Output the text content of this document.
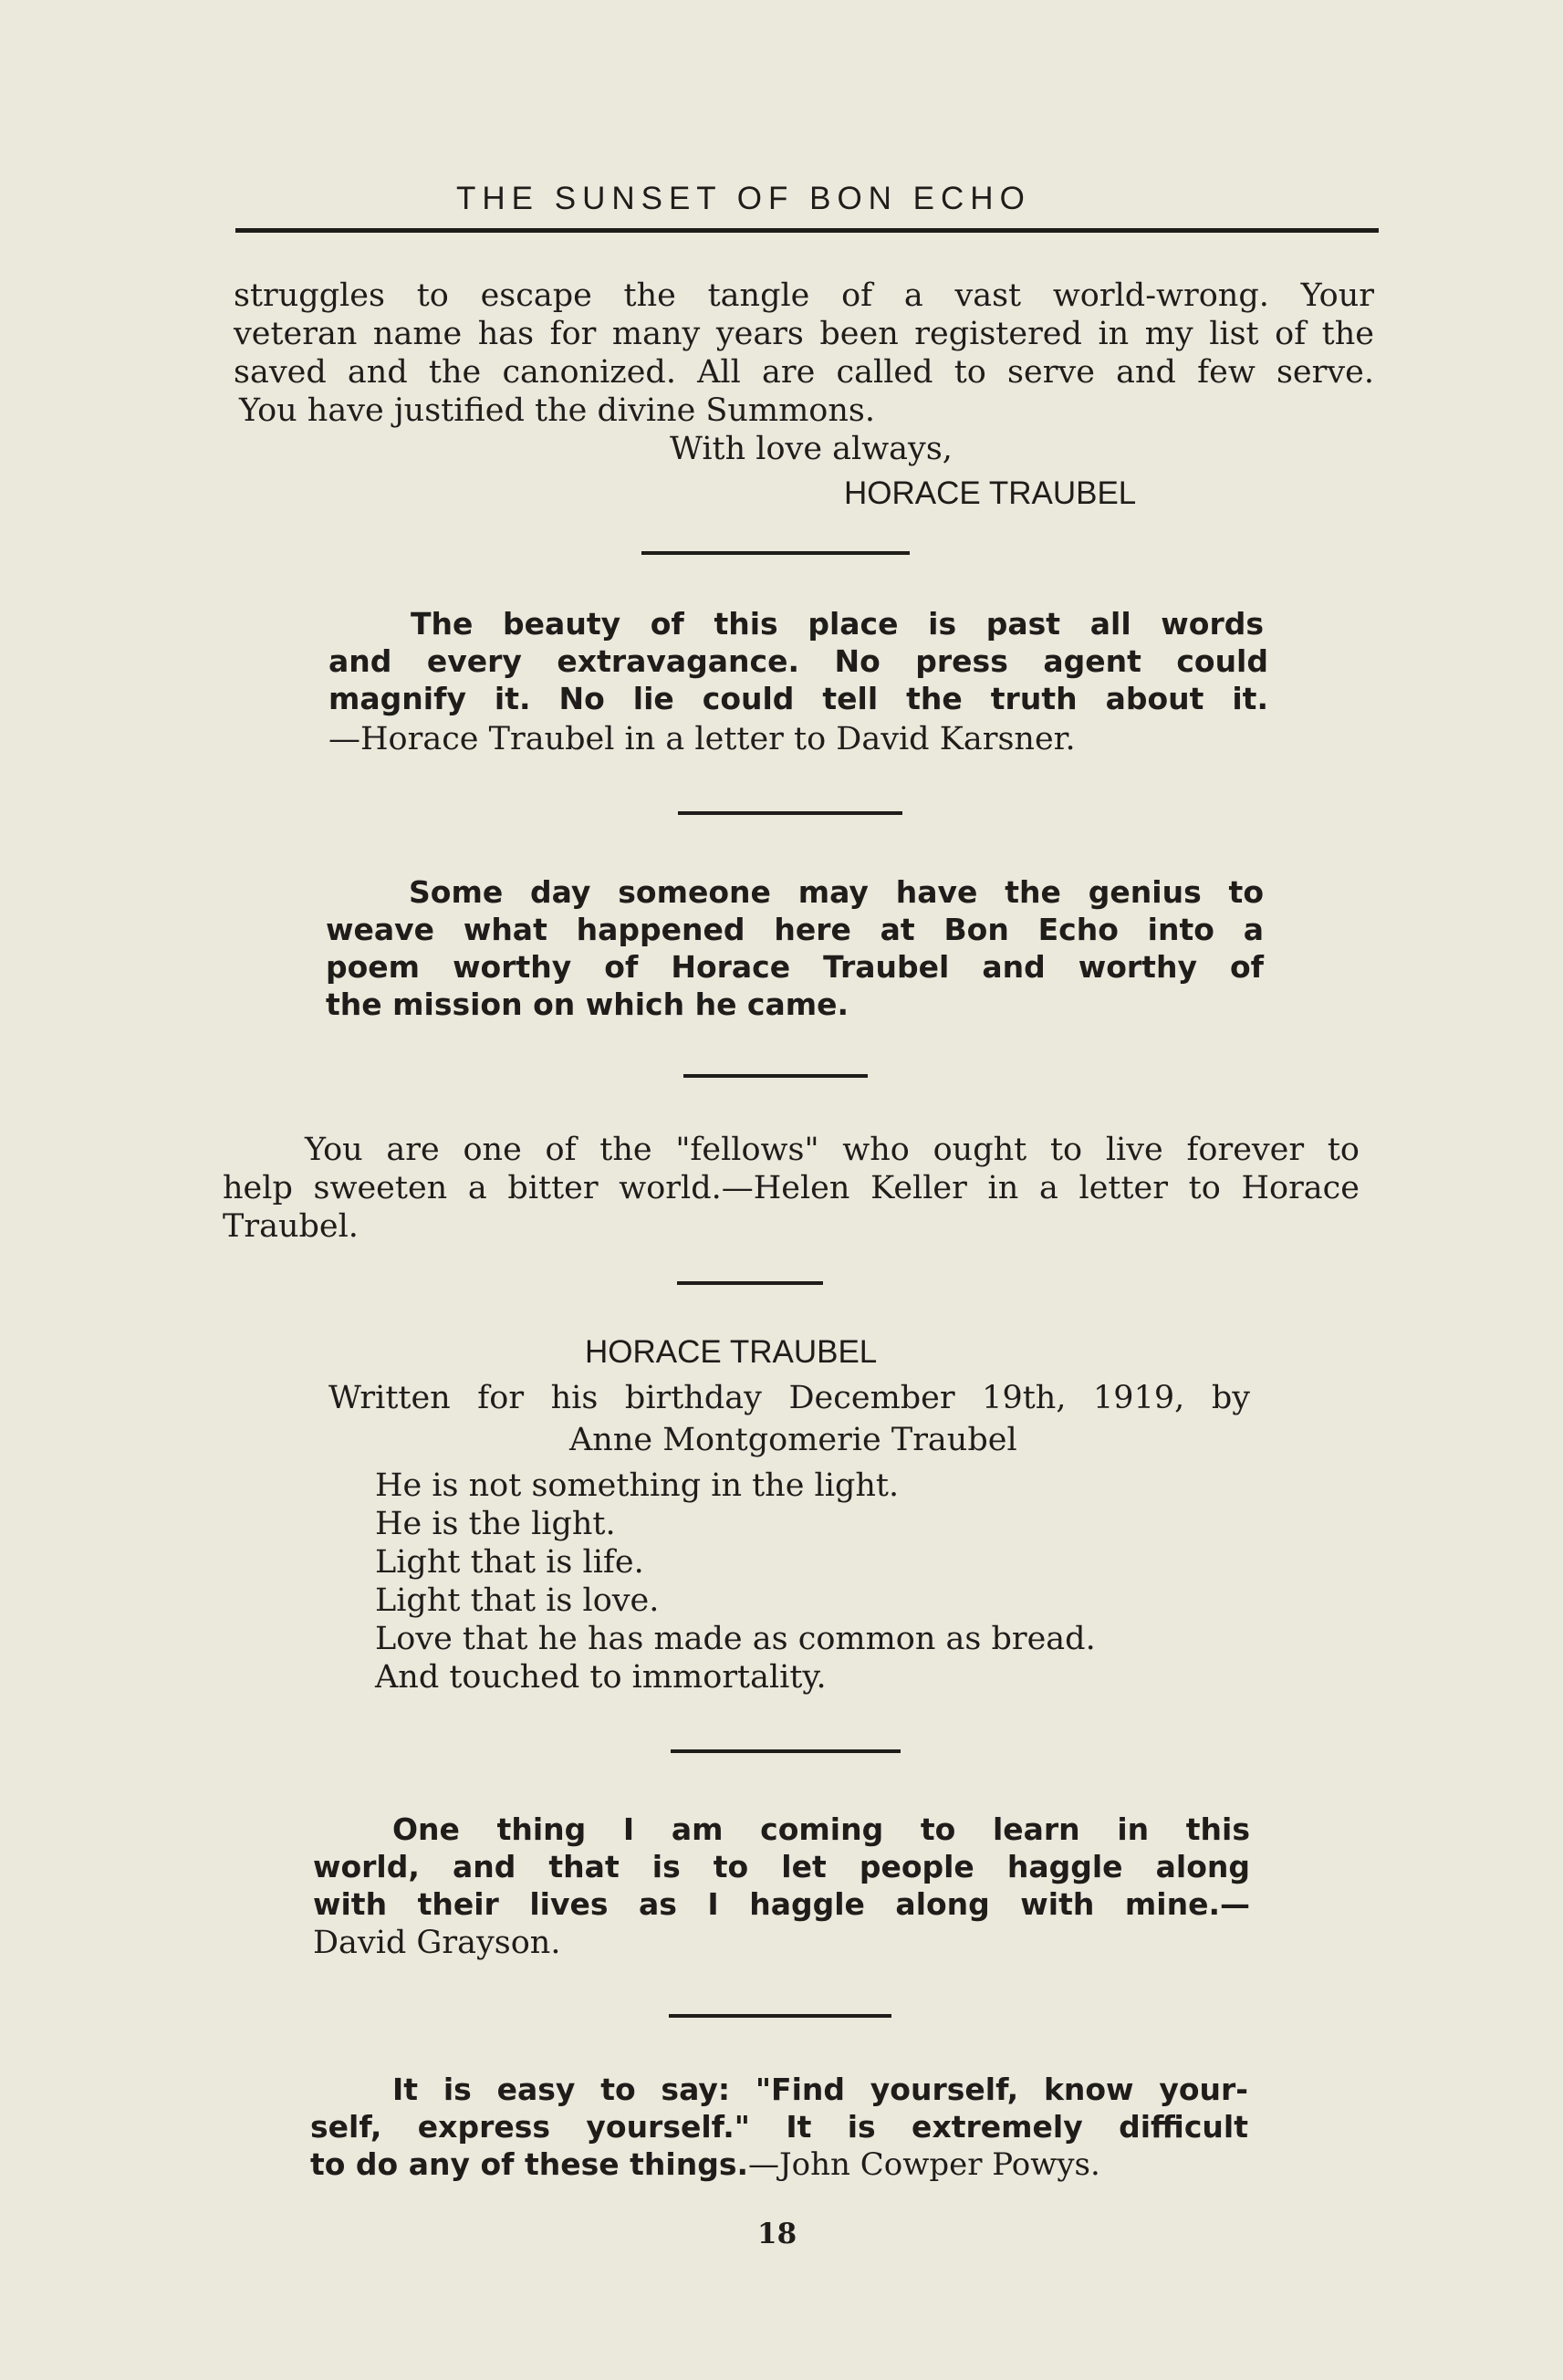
THE SUNSET OF BON ECHO
struggles to escape the tangle of a vast world-wrong. Your
veteran name has for many years been registered in my list of the
saved and the canonized. All are called to serve and few serve.
You have justified the divine Summons.
With love always,
HORACE TRAUBEL
The beauty of this place is past all words
and every extravagance. No press agent could
magnify it. No lie could tell the truth about it.
—Horace Traubel in a letter to David Karsner.
Some day someone may have the genius to
weave what happened here at Bon Echo into a
poem worthy of Horace Traubel and worthy of
the mission on which he came.
You are one of the "fellows" who ought to live forever to
help sweeten a bitter world.—Helen Keller in a letter to Horace
Traubel.
HORACE TRAUBEL
Written for his birthday December 19th, 1919, by
Anne Montgomerie Traubel
He is not something in the light.
He is the light.
Light that is life.
Light that is love.
Love that he has made as common as bread.
And touched to immortality.
One thing I am coming to learn in this
world, and that is to let people haggle along
with their lives as I haggle along with mine.—
David Grayson.
It is easy to say: "Find yourself, know your-
self, express yourself." It is extremely difficult
to do any of these things.—John Cowper Powys.
18
